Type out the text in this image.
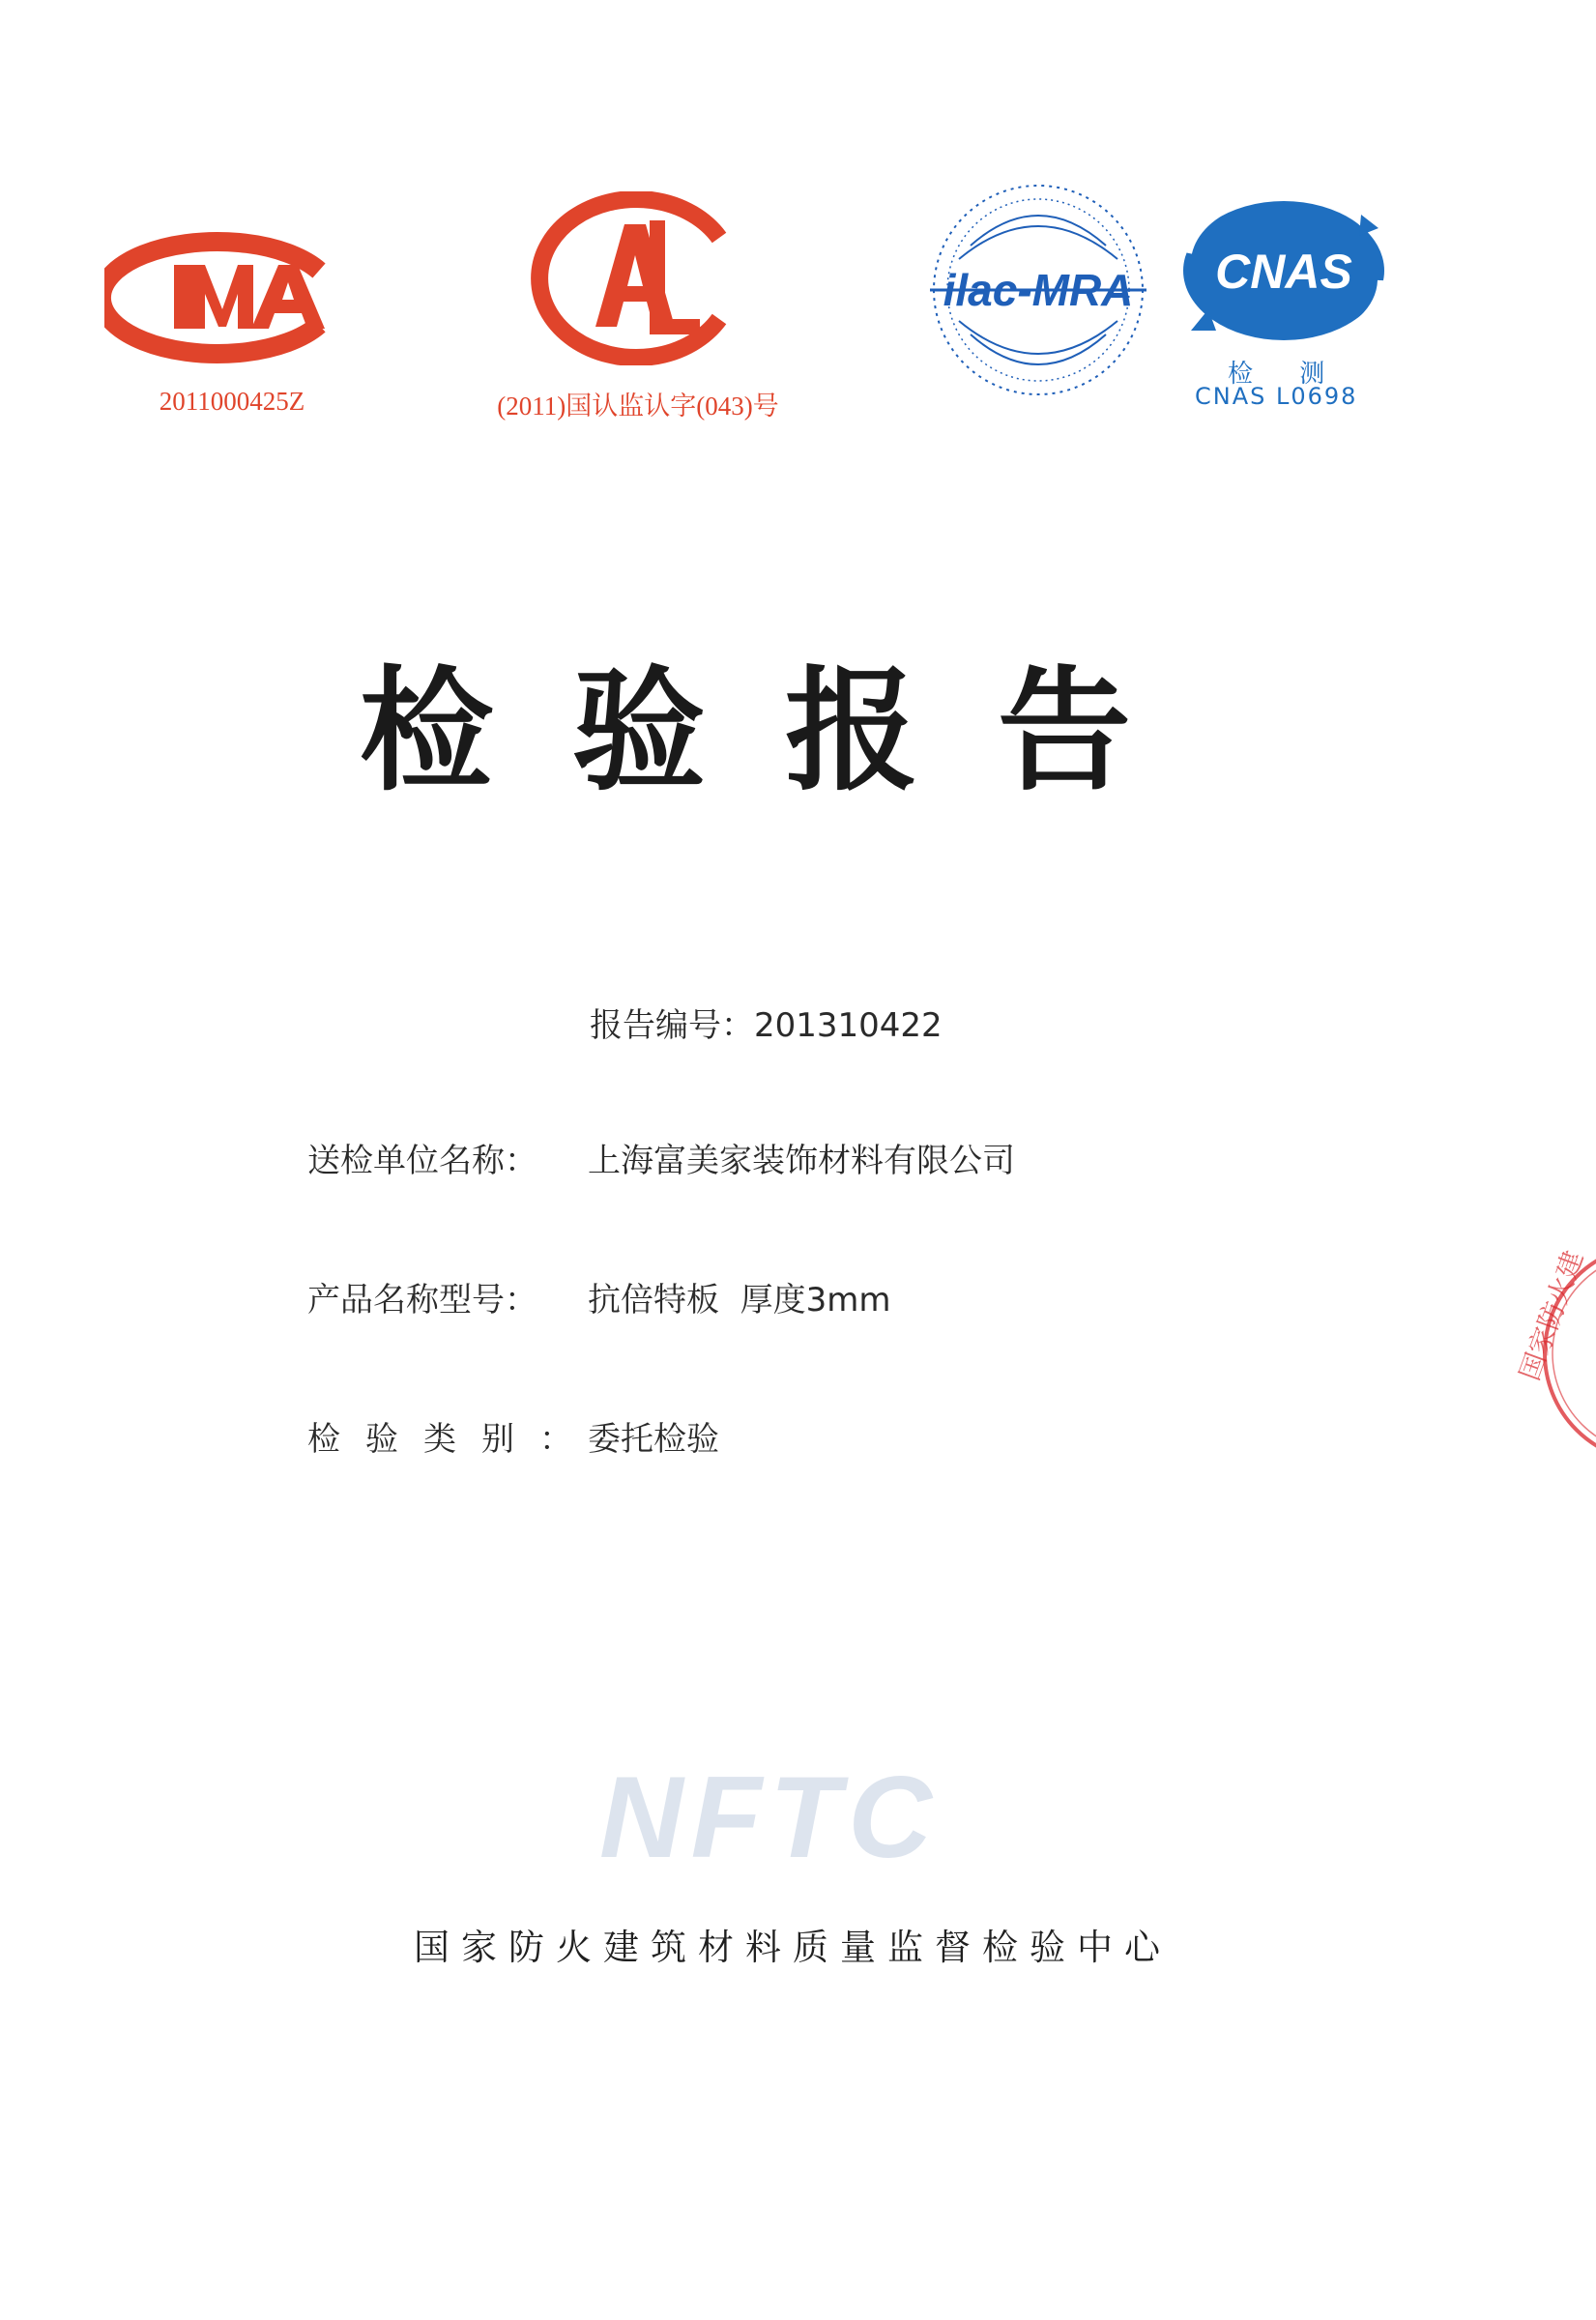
2011000425Z	(2011)国认监认字(043)号
ilac-MRA CNAS
检 测
CNAS L0698
检验报告
报告编号：201310422
送检单位名称： 上海富美家装饰材料有限公司
产品名称型号： 抗倍特板  厚度3mm
检验类别：委托检验
国家防火建
NFTC
国家防火建筑材料质量监督检验中心
